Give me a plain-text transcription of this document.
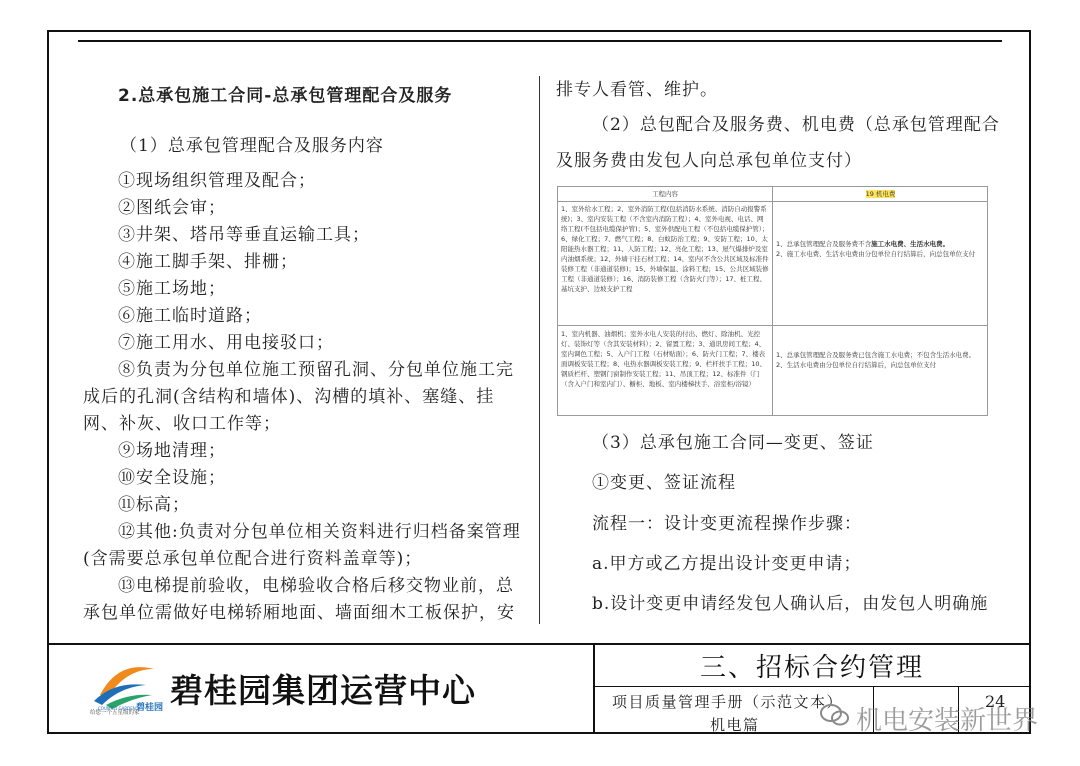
2.总承包施工合同-总承包管理配合及服务
（1）总承包管理配合及服务内容
①现场组织管理及配合；
②图纸会审；
③井架、塔吊等垂直运输工具；
④施工脚手架、排栅；
⑤施工场地；
⑥施工临时道路；
⑦施工用水、用电接驳口；
⑧负责为分包单位施工预留孔洞、分包单位施工完
成后的孔洞(含结构和墙体)、沟槽的填补、塞缝、挂
网、补灰、收口工作等；
⑨场地清理；
⑩安全设施；
⑪标高；
⑫其他:负责对分包单位相关资料进行归档备案管理
(含需要总承包单位配合进行资料盖章等)；
⑬电梯提前验收，电梯验收合格后移交物业前，总
承包单位需做好电梯轿厢地面、墙面细木工板保护，安
排专人看管、维护。
（2）总包配合及服务费、机电费（总承包管理配合
及服务费由发包人向总承包单位支付）
工程内容	19 机电费
1、室外给水工程；2、室外消防工程(包括消防水系统、消防自动报警系统)；3、室内安装工程（不含室内消防工程）；4、室外电视、电话、网络工程(不包括电缆保护管)；5、室外供配电工程（不包括电缆保护管）；6、绿化工程；7、燃气工程；8、白蚁防治工程；9、安防工程；10、太阳能热水器工程；11、人防工程；12、亮化工程；13、屋气爆排炉及室内油烟系统；12、外墙干挂石材工程；14、室内(不含公共区域及标准件装修工程（非通道装修)；15、外墙保温、涂料工程；15、公共区域装修工程（非通道装修）；16、消防装修工程（含防火门等）；17、桩工程、基坑支护、边坡支护工程
1、总承包管理配合及服务费不含施工水电费、生活水电费。
2、施工水电费、生活水电费由分包单位自行结算后，向总包单位支付
1、室内机器、油烟机；室外水电人安装的付出、燃灯、除油机、光控灯、装饰灯等（含其安装材料）；2、留置工程；3、通讯房间工程；4、室内调色工程；5、入户门工程（石材贴面）；6、防火门工程；7、楼表面调板安装工程；8、电热水器调板安装工程；9、栏杆扶手工程；10、钢质栏杆、塑钢门窗制作安装工程；11、吊顶工程；12、标准件（门（含入户门和室内门）、橱柜、地板、室内楼梯扶手、浴室柜/浴镜）
1、总承包管理配合及服务费已包含施工水电费；不包含生活水电费。
2、生活水电费由分包单位自行结算后，向总包单位支付
（3）总承包施工合同—变更、签证
①变更、签证流程
流程一：设计变更流程操作步骤：
a.甲方或乙方提出设计变更申请；
b.设计变更申请经发包人确认后，由发包人明确施
碧桂园
COUNTRY GARDEN
给您一个五星级的家
碧桂园集团运营中心
三、招标合约管理
项目质量管理手册（示范文本）
机电篇
24
机电安装新世界
